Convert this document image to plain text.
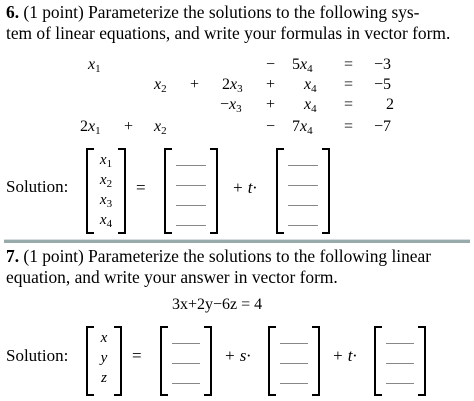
6. (1 point) Parameterize the solutions to the following sys-
tem of linear equations, and write your formulas in vector form.
$x_1$	− $5x_4 = -3$
$x_2 + 2x_3 + x_4 = -5$
$-x_3 + x_4 = 2$
$2x_1 + x_2$	− $7x_4 = -7$
Solution:
$x_1$
$x_2$
$x_3$
$x_4$
=	+ t·
7. (1 point) Parameterize the solutions to the following linear
equation, and write your answer in vector form.
3x+2y−6z = 4
Solution:
x
y
z
=	+ s·	+ t·
